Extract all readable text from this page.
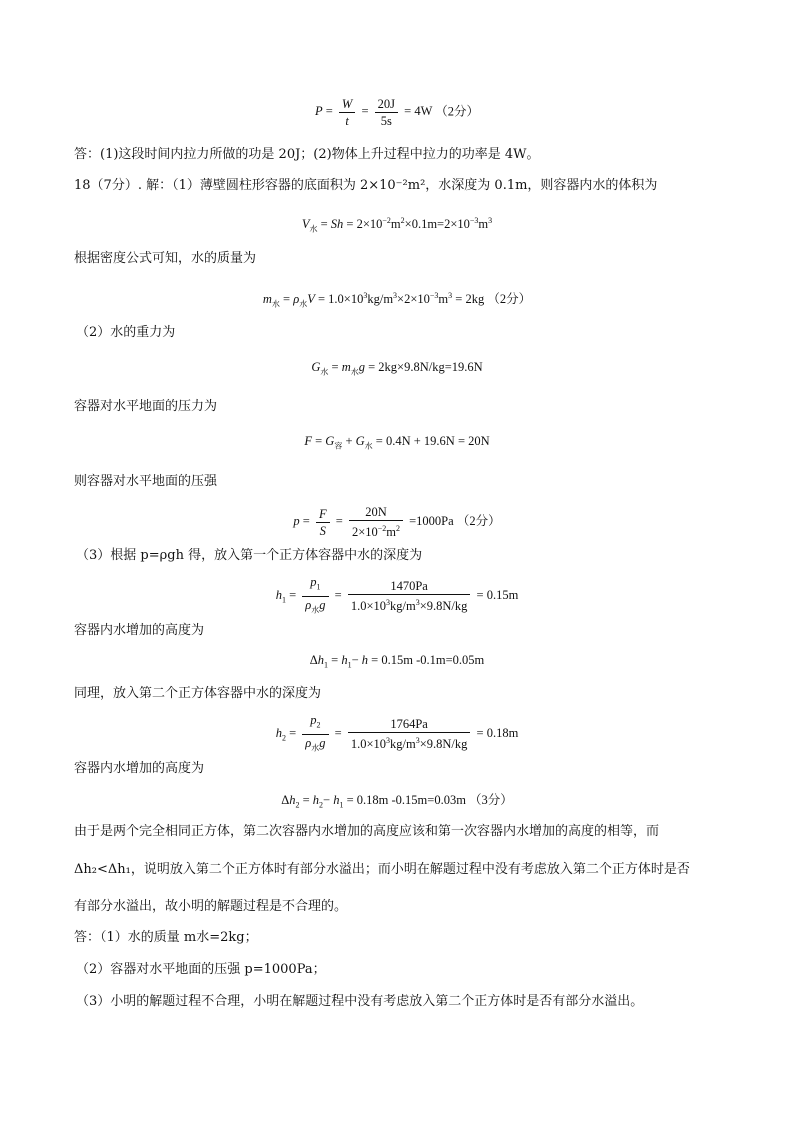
$P = \frac{W}{t} = \frac{20J}{5s} = 4W$ （2分）
答：(1)这段时间内拉力所做的功是 20J；(2)物体上升过程中拉力的功率是 4W。
18（7分）. 解：（1）薄壁圆柱形容器的底面积为 2×10⁻²m²，水深度为 0.1m，则容器内水的体积为
$V_水 = Sh = 2\times 10^{-2}m^2\times 0.1m=2\times 10^{-3}m^3$
根据密度公式可知，水的质量为
$m_水 = \rho_水V = 1.0\times 10^3kg/m^3\times 2\times 10^{-3}m^3 = 2kg$ （2分）
（2）水的重力为
$G_水 = m_水g = 2kg\times 9.8N/kg=19.6N$
容器对水平地面的压力为
$F = G_容 + G_水 = 0.4N + 19.6N = 20N$
则容器对水平地面的压强
$p = \frac{F}{S} = \frac{20N}{2\times 10^{-2}m^2} =1000Pa$ （2分）
（3）根据 p=ρgh 得，放入第一个正方体容器中水的深度为
$h_1 = \frac{p_1}{\rho_水g} = \frac{1470Pa}{1.0\times 10^3kg/m^3\times 9.8N/kg} = 0.15m$
容器内水增加的高度为
$\Delta h_1 = h_1- h = 0.15m$ -0.1m=0.05m
同理，放入第二个正方体容器中水的深度为
$h_2 = \frac{p_2}{\rho_水g} = \frac{1764Pa}{1.0\times 10^3kg/m^3\times 9.8N/kg} = 0.18m$
容器内水增加的高度为
$\Delta h_2 = h_2- h_1 = 0.18m$ -0.15m=0.03m （3分）
由于是两个完全相同正方体，第二次容器内水增加的高度应该和第一次容器内水增加的高度的相等，而
Δh₂<Δh₁，说明放入第二个正方体时有部分水溢出；而小明在解题过程中没有考虑放入第二个正方体时是否
有部分水溢出，故小明的解题过程是不合理的。
答：（1）水的质量 m水=2kg；
（2）容器对水平地面的压强 p=1000Pa；
（3）小明的解题过程不合理，小明在解题过程中没有考虑放入第二个正方体时是否有部分水溢出。
